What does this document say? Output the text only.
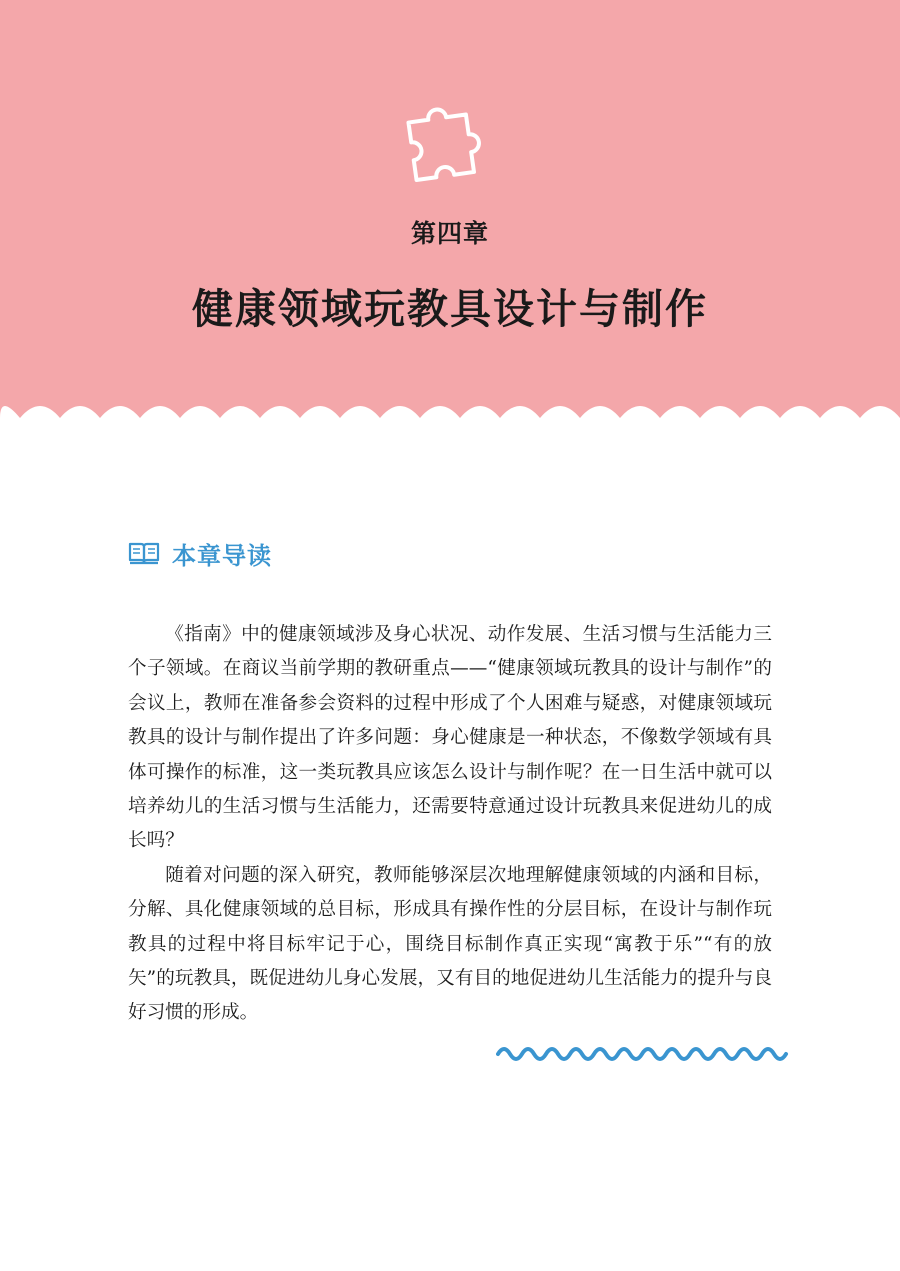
第四章
健康领域玩教具设计与制作
本章导读

《指南》中的健康领域涉及身心状况、动作发展、生活习惯与生活能力三个子领域。在商议当前学期的教研重点——“健康领域玩教具的设计与制作”的会议上，教师在准备参会资料的过程中形成了个人困难与疑惑，对健康领域玩教具的设计与制作提出了许多问题：身心健康是一种状态，不像数学领域有具体可操作的标准，这一类玩教具应该怎么设计与制作呢？在一日生活中就可以培养幼儿的生活习惯与生活能力，还需要特意通过设计玩教具来促进幼儿的成长吗？

随着对问题的深入研究，教师能够深层次地理解健康领域的内涵和目标，分解、具化健康领域的总目标，形成具有操作性的分层目标，在设计与制作玩教具的过程中将目标牢记于心，围绕目标制作真正实现“寓教于乐”“有的放矢”的玩教具，既促进幼儿身心发展，又有目的地促进幼儿生活能力的提升与良好习惯的形成。
